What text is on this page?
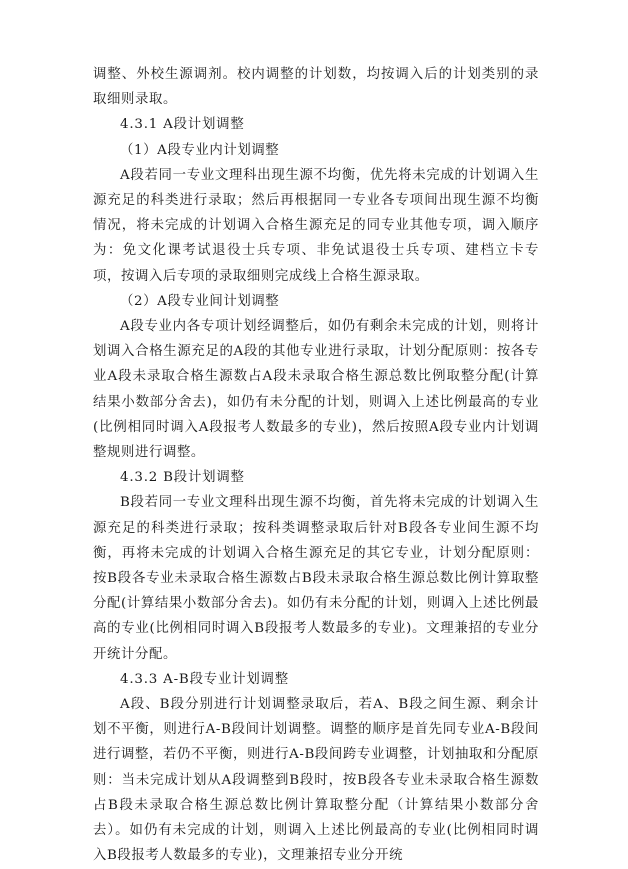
调整、外校生源调剂。校内调整的计划数，均按调入后的计划类别的录取细则录取。

4.3.1 A段计划调整

（1）A段专业内计划调整

A段若同一专业文理科出现生源不均衡，优先将未完成的计划调入生源充足的科类进行录取；然后再根据同一专业各专项间出现生源不均衡情况，将未完成的计划调入合格生源充足的同专业其他专项，调入顺序为：免文化课考试退役士兵专项、非免试退役士兵专项、建档立卡专项，按调入后专项的录取细则完成线上合格生源录取。

（2）A段专业间计划调整

A段专业内各专项计划经调整后，如仍有剩余未完成的计划，则将计划调入合格生源充足的A段的其他专业进行录取，计划分配原则：按各专业A段未录取合格生源数占A段未录取合格生源总数比例取整分配(计算结果小数部分舍去)，如仍有未分配的计划，则调入上述比例最高的专业(比例相同时调入A段报考人数最多的专业)，然后按照A段专业内计划调整规则进行调整。

4.3.2 B段计划调整

B段若同一专业文理科出现生源不均衡，首先将未完成的计划调入生源充足的科类进行录取；按科类调整录取后针对B段各专业间生源不均衡，再将未完成的计划调入合格生源充足的其它专业，计划分配原则：按B段各专业未录取合格生源数占B段未录取合格生源总数比例计算取整分配(计算结果小数部分舍去)。如仍有未分配的计划，则调入上述比例最高的专业(比例相同时调入B段报考人数最多的专业)。文理兼招的专业分开统计分配。

4.3.3 A-B段专业计划调整

A段、B段分别进行计划调整录取后，若A、B段之间生源、剩余计划不平衡，则进行A-B段间计划调整。调整的顺序是首先同专业A-B段间进行调整，若仍不平衡，则进行A-B段间跨专业调整，计划抽取和分配原则：当未完成计划从A段调整到B段时，按B段各专业未录取合格生源数占B段未录取合格生源总数比例计算取整分配（计算结果小数部分舍去）。如仍有未完成的计划，则调入上述比例最高的专业(比例相同时调入B段报考人数最多的专业)，文理兼招专业分开统
